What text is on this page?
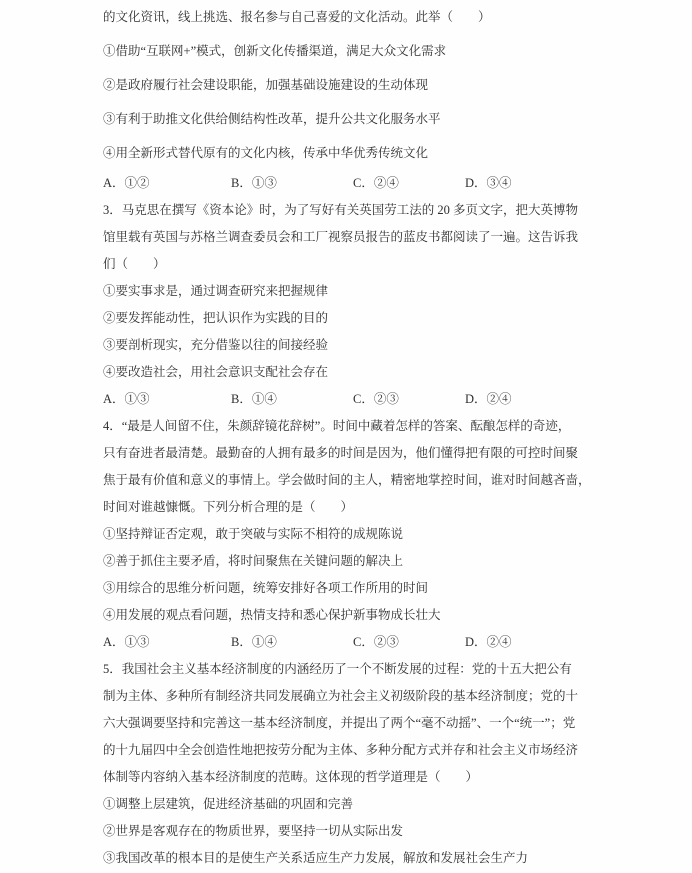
的文化资讯，线上挑选、报名参与自己喜爱的文化活动。此举（　　）
①借助“互联网+”模式，创新文化传播渠道，满足大众文化需求
②是政府履行社会建设职能，加强基础设施建设的生动体现
③有利于助推文化供给侧结构性改革，提升公共文化服务水平
④用全新形式替代原有的文化内核，传承中华优秀传统文化
A．①②	B．①③	C．②④	D．③④
3．马克思在撰写《资本论》时，为了写好有关英国劳工法的 20 多页文字，把大英博物
馆里载有英国与苏格兰调查委员会和工厂视察员报告的蓝皮书都阅读了一遍。这告诉我
们（　　）
①要实事求是，通过调查研究来把握规律
②要发挥能动性，把认识作为实践的目的
③要剖析现实，充分借鉴以往的间接经验
④要改造社会，用社会意识支配社会存在
A．①③	B．①④	C．②③	D．②④
4．“最是人间留不住，朱颜辞镜花辞树”。时间中藏着怎样的答案、酝酿怎样的奇迹，
只有奋进者最清楚。最勤奋的人拥有最多的时间是因为，他们懂得把有限的可控时间聚
焦于最有价值和意义的事情上。学会做时间的主人，精密地掌控时间，谁对时间越吝啬，
时间对谁越慷慨。下列分析合理的是（　　）
①坚持辩证否定观，敢于突破与实际不相符的成规陈说
②善于抓住主要矛盾，将时间聚焦在关键问题的解决上
③用综合的思维分析问题，统筹安排好各项工作所用的时间
④用发展的观点看问题，热情支持和悉心保护新事物成长壮大
A．①③	B．①④	C．②③	D．②④
5．我国社会主义基本经济制度的内涵经历了一个不断发展的过程：党的十五大把公有
制为主体、多种所有制经济共同发展确立为社会主义初级阶段的基本经济制度；党的十
六大强调要坚持和完善这一基本经济制度，并提出了两个“毫不动摇”、一个“统一”；党
的十九届四中全会创造性地把按劳分配为主体、多种分配方式并存和社会主义市场经济
体制等内容纳入基本经济制度的范畴。这体现的哲学道理是（　　）
①调整上层建筑，促进经济基础的巩固和完善
②世界是客观存在的物质世界，要坚持一切从实际出发
③我国改革的根本目的是使生产关系适应生产力发展，解放和发展社会生产力
